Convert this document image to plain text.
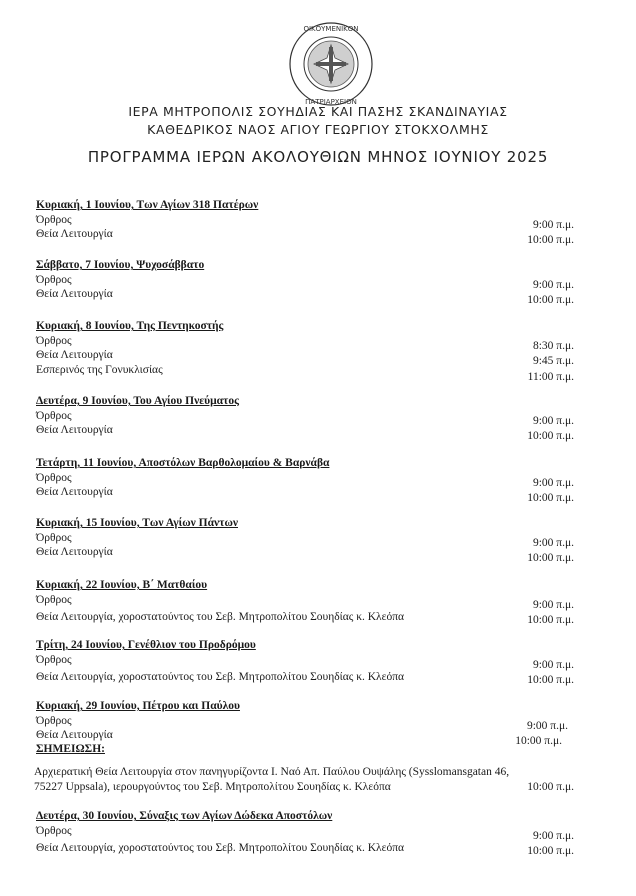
ΟΙΚΟΥΜΕΝΙΚΟΝ
ΠΑΤΡΙΑΡΧΕΙΟΝ
ΙΕΡΑ ΜΗΤΡΟΠΟΛΙΣ ΣΟΥΗΔΙΑΣ ΚΑΙ ΠΑΣΗΣ ΣΚΑΝΔΙΝΑΥΙΑΣ
ΚΑΘΕΔΡΙΚΟΣ ΝΑΟΣ ΑΓΙΟΥ ΓΕΩΡΓΙΟΥ ΣΤΟΚΧΟΛΜΗΣ
ΠΡΟΓΡΑΜΜΑ ΙΕΡΩΝ ΑΚΟΛΟΥΘΙΩΝ ΜΗΝΟΣ ΙΟΥΝΙΟΥ 2025
Κυριακή, 1 Ιουνίου, Των Αγίων 318 Πατέρων
Όρθρος
Θεία Λειτουργία
9:00 π.μ.
10:00 π.μ.
Σάββατο, 7 Ιουνίου, Ψυχοσάββατο
Όρθρος
Θεία Λειτουργία
9:00 π.μ.
10:00 π.μ.
Κυριακή, 8 Ιουνίου, Της Πεντηκοστής
Όρθρος
Θεία Λειτουργία
Εσπερινός της Γονυκλισίας
8:30 π.μ.
9:45 π.μ.
11:00 π.μ.
Δευτέρα, 9 Ιουνίου, Του Αγίου Πνεύματος
Όρθρος
Θεία Λειτουργία
9:00 π.μ.
10:00 π.μ.
Τετάρτη, 11 Ιουνίου, Αποστόλων Βαρθολομαίου & Βαρνάβα
Όρθρος
Θεία Λειτουργία
9:00 π.μ.
10:00 π.μ.
Κυριακή, 15 Ιουνίου, Των Αγίων Πάντων
Όρθρος
Θεία Λειτουργία
9:00 π.μ.
10:00 π.μ.
Κυριακή, 22 Ιουνίου, Β΄ Ματθαίου
Όρθρος
Θεία Λειτουργία, χοροστατούντος του Σεβ. Μητροπολίτου Σουηδίας κ. Κλεόπα
9:00 π.μ.
10:00 π.μ.
Τρίτη, 24 Ιουνίου, Γενέθλιον του Προδρόμου
Όρθρος
Θεία Λειτουργία, χοροστατούντος του Σεβ. Μητροπολίτου Σουηδίας κ. Κλεόπα
9:00 π.μ.
10:00 π.μ.
Κυριακή, 29 Ιουνίου, Πέτρου και Παύλου
Όρθρος
Θεία Λειτουργία
9:00 π.μ.
10:00 π.μ.
ΣΗΜΕΙΩΣΗ:
Αρχιερατική Θεία Λειτουργία στον πανηγυρίζοντα Ι. Ναό Απ. Παύλου Ουψάλης (Sysslomansgatan 46,
75227 Uppsala), ιερουργούντος του Σεβ. Μητροπολίτου Σουηδίας κ. Κλεόπα	10:00 π.μ.
Δευτέρα, 30 Ιουνίου, Σύναξις των Αγίων Δώδεκα Αποστόλων
Όρθρος
Θεία Λειτουργία, χοροστατούντος του Σεβ. Μητροπολίτου Σουηδίας κ. Κλεόπα
9:00 π.μ.
10:00 π.μ.
